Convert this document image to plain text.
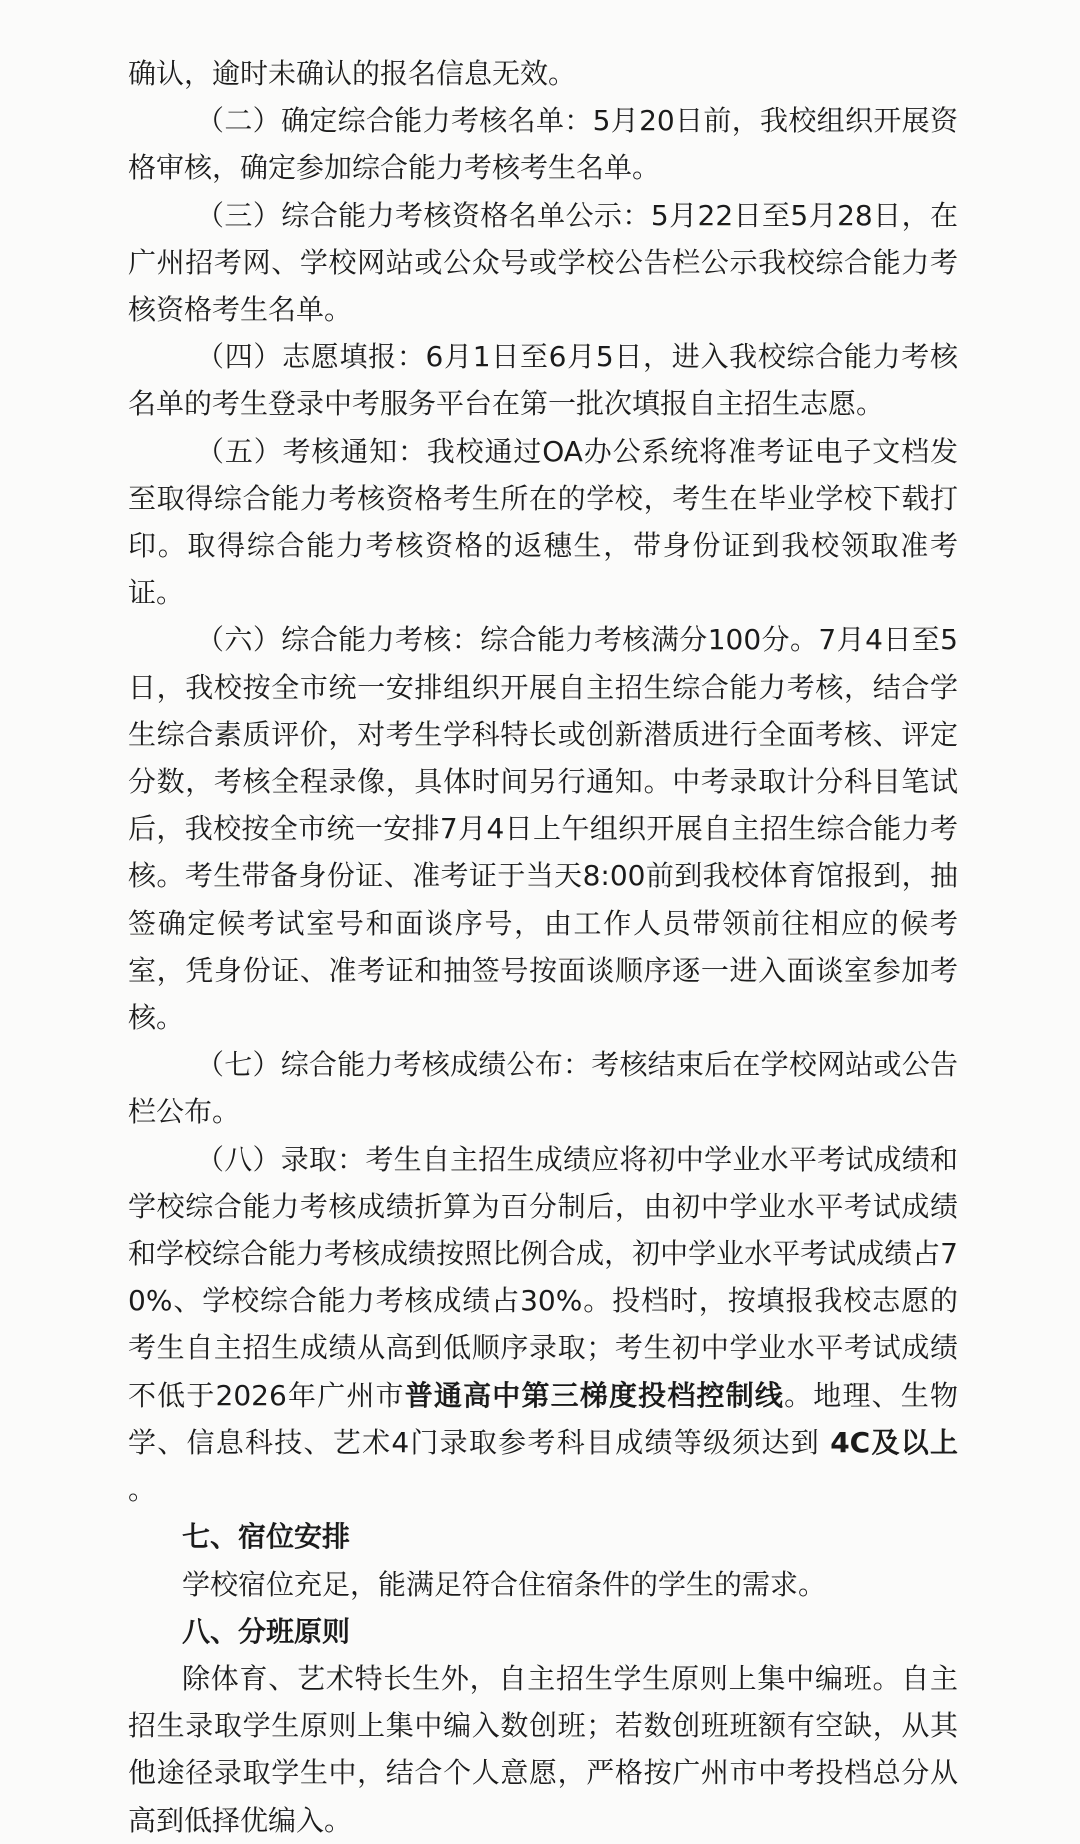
确认，逾时未确认的报名信息无效。

（二）确定综合能力考核名单：5月20日前，我校组织开展资格审核，确定参加综合能力考核考生名单。

（三）综合能力考核资格名单公示：5月22日至5月28日，在广州招考网、学校网站或公众号或学校公告栏公示我校综合能力考核资格考生名单。

（四）志愿填报：6月1日至6月5日，进入我校综合能力考核名单的考生登录中考服务平台在第一批次填报自主招生志愿。

（五）考核通知：我校通过OA办公系统将准考证电子文档发至取得综合能力考核资格考生所在的学校，考生在毕业学校下载打印。取得综合能力考核资格的返穗生，带身份证到我校领取准考证。

（六）综合能力考核：综合能力考核满分100分。7月4日至5日，我校按全市统一安排组织开展自主招生综合能力考核，结合学生综合素质评价，对考生学科特长或创新潜质进行全面考核、评定分数，考核全程录像，具体时间另行通知。中考录取计分科目笔试后，我校按全市统一安排7月4日上午组织开展自主招生综合能力考核。考生带备身份证、准考证于当天8:00前到我校体育馆报到，抽签确定候考试室号和面谈序号，由工作人员带领前往相应的候考室，凭身份证、准考证和抽签号按面谈顺序逐一进入面谈室参加考核。

（七）综合能力考核成绩公布：考核结束后在学校网站或公告栏公布。

（八）录取：考生自主招生成绩应将初中学业水平考试成绩和学校综合能力考核成绩折算为百分制后，由初中学业水平考试成绩和学校综合能力考核成绩按照比例合成，初中学业水平考试成绩占70%、学校综合能力考核成绩占30%。投档时，按填报我校志愿的考生自主招生成绩从高到低顺序录取；考生初中学业水平考试成绩不低于2026年广州市普通高中第三梯度投档控制线。地理、生物学、信息科技、艺术4门录取参考科目成绩等级须达到 4C及以上 。

七、宿位安排

学校宿位充足，能满足符合住宿条件的学生的需求。

八、分班原则

除体育、艺术特长生外，自主招生学生原则上集中编班。自主招生录取学生原则上集中编入数创班；若数创班班额有空缺，从其他途径录取学生中，结合个人意愿，严格按广州市中考投档总分从高到低择优编入。
